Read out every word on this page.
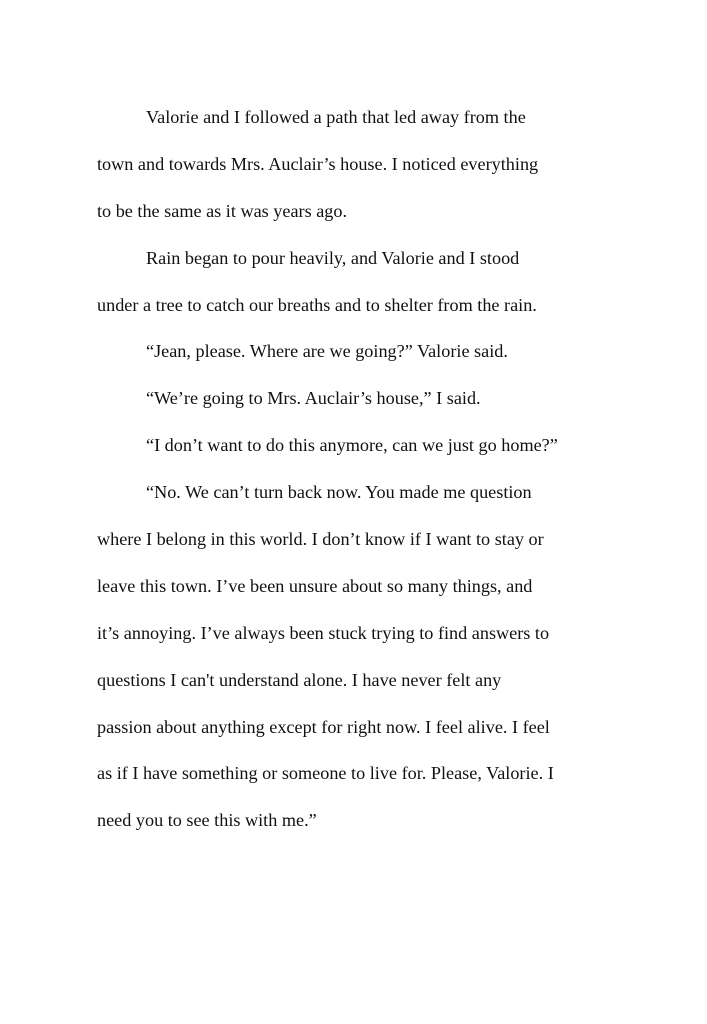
Valorie and I followed a path that led away from the
town and towards Mrs. Auclair’s house. I noticed everything
to be the same as it was years ago.
Rain began to pour heavily, and Valorie and I stood
under a tree to catch our breaths and to shelter from the rain.
“Jean, please. Where are we going?” Valorie said.
“We’re going to Mrs. Auclair’s house,” I said.
“I don’t want to do this anymore, can we just go home?”
“No. We can’t turn back now. You made me question
where I belong in this world. I don’t know if I want to stay or
leave this town. I’ve been unsure about so many things, and
it’s annoying. I’ve always been stuck trying to find answers to
questions I can't understand alone. I have never felt any
passion about anything except for right now. I feel alive. I feel
as if I have something or someone to live for. Please, Valorie. I
need you to see this with me.”
